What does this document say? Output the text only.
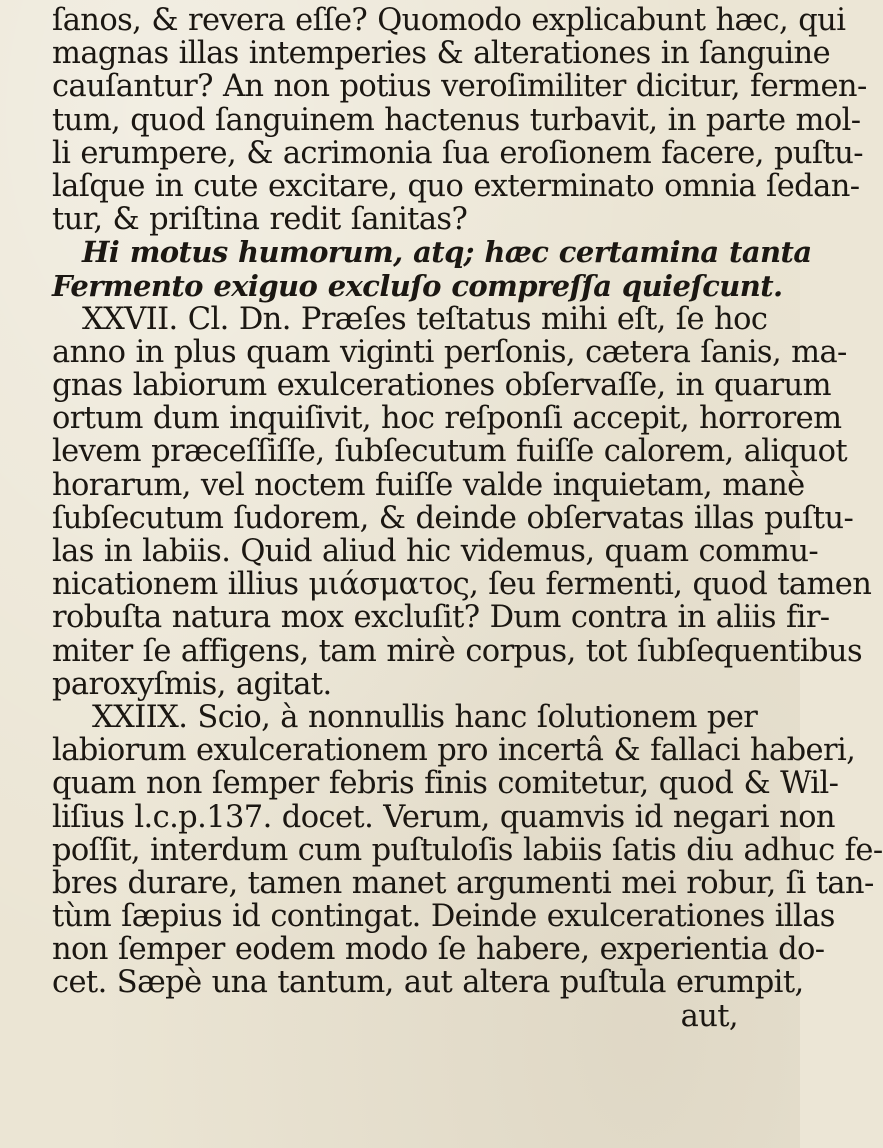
ſanos, & revera eſſe? Quomodo explicabunt hæc, qui
magnas illas intemperies & alterationes in ſanguine
cauſantur? An non potius veroſimiliter dicitur, fermen-
tum, quod ſanguinem hactenus turbavit, in parte mol-
li erumpere, & acrimonia ſua eroſionem facere, puſtu-
laſque in cute excitare, quo exterminato omnia ſedan-
tur, & priſtina redit ſanitas?
Hi motus humorum, atq; hæc certamina tanta
Fermento exiguo excluſo compreſſa quieſcunt.
XXVII. Cl. Dn. Præſes teſtatus mihi eſt, ſe hoc
anno in plus quam viginti perſonis, cætera ſanis, ma-
gnas labiorum exulcerationes obſervaſſe, in quarum
ortum dum inquiſivit, hoc reſponſi accepit, horrorem
levem præceſſiſſe, ſubſecutum fuiſſe calorem, aliquot
horarum, vel noctem fuiſſe valde inquietam, manè
ſubſecutum ſudorem, & deinde obſervatas illas puſtu-
las in labiis. Quid aliud hic videmus, quam commu-
nicationem illius μιάσματος, ſeu fermenti, quod tamen
robuſta natura mox excluſit? Dum contra in aliis fir-
miter ſe affigens, tam mirè corpus, tot ſubſequentibus
paroxyſmis, agitat.
XXIIX. Scio, à nonnullis hanc ſolutionem per
labiorum exulcerationem pro incertâ & fallaci haberi,
quam non ſemper febris finis comitetur, quod & Wil-
liſius l.c.p.137. docet. Verum, quamvis id negari non
poſſit, interdum cum puſtuloſis labiis ſatis diu adhuc fe-
bres durare, tamen manet argumenti mei robur, ſi tan-
tùm ſæpius id contingat. Deinde exulcerationes illas
non ſemper eodem modo ſe habere, experientia do-
cet. Sæpè una tantum, aut altera puſtula erumpit,
aut,
